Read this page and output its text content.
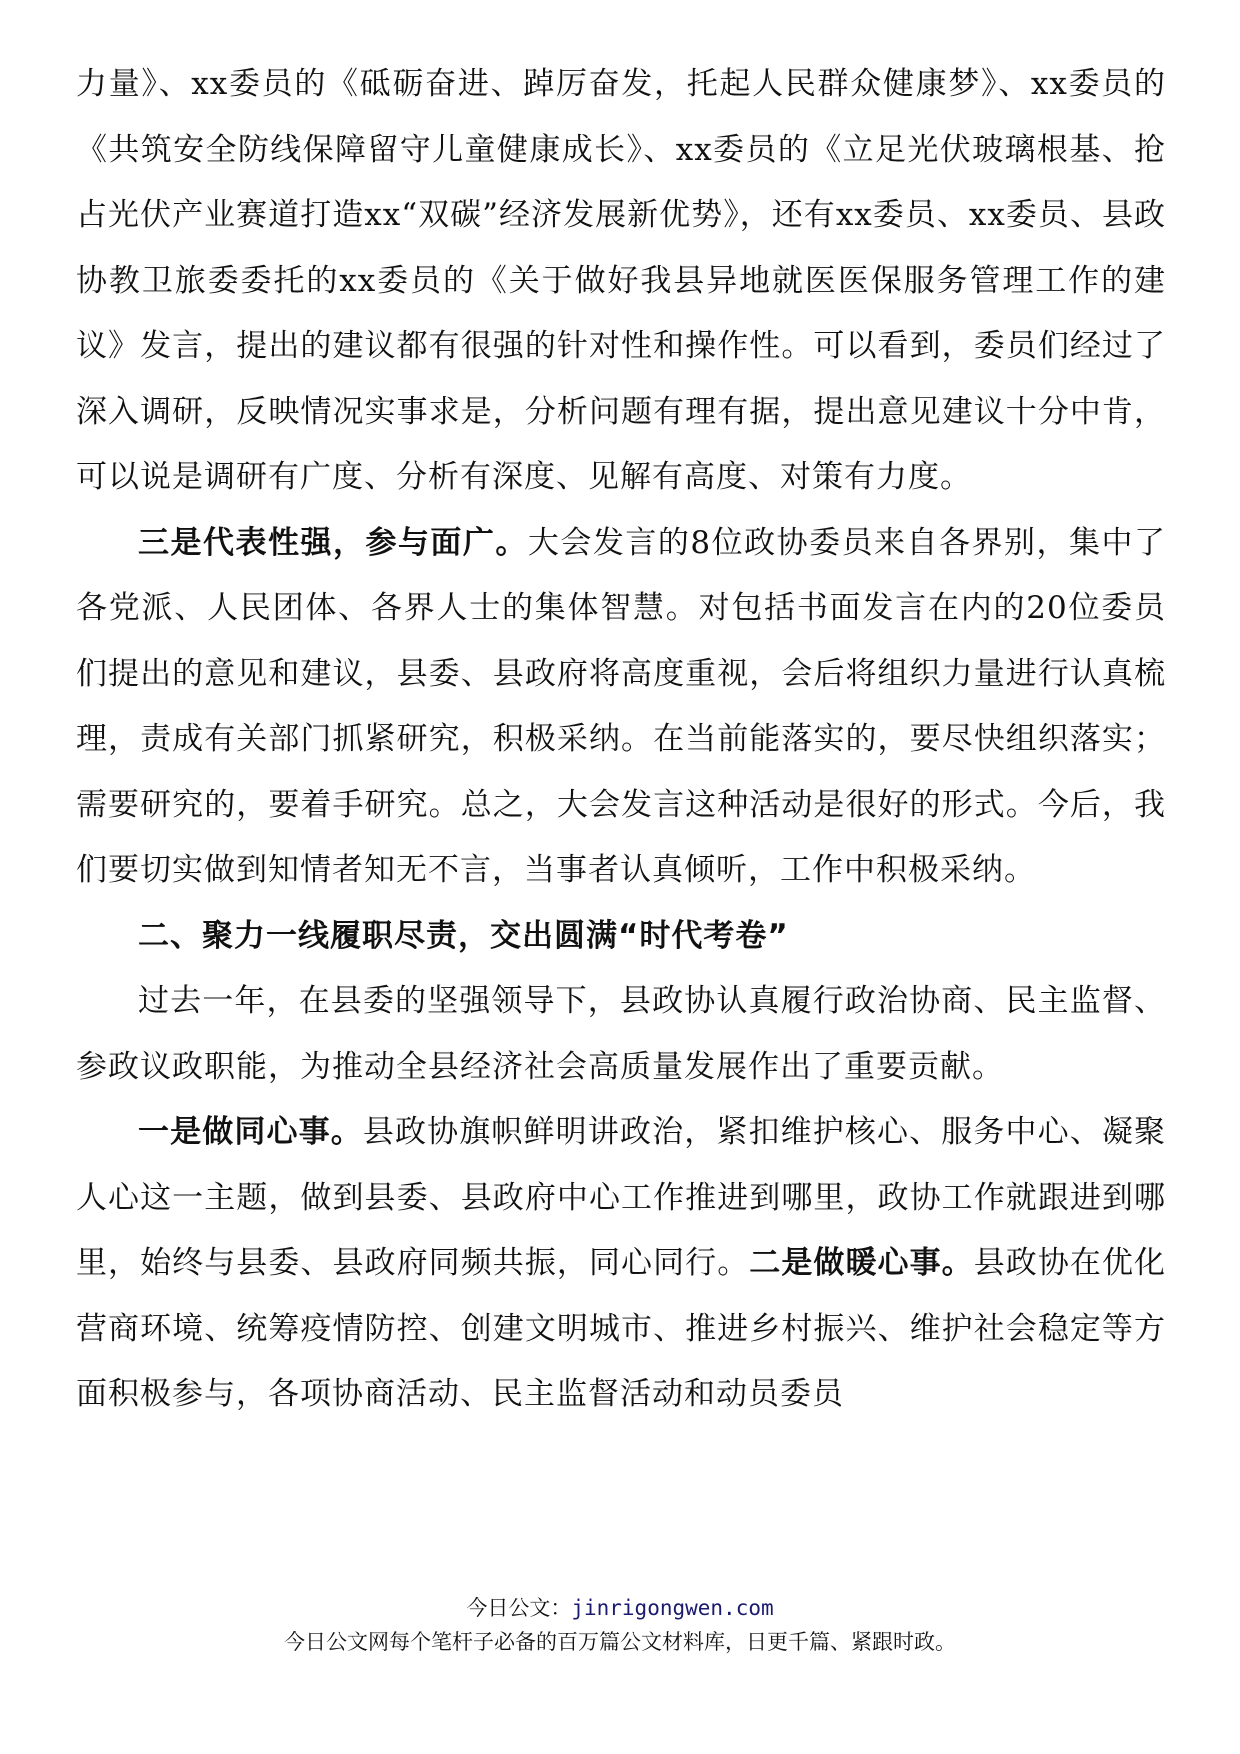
力量》、xx委员的《砥砺奋进、踔厉奋发，托起人民群众健康梦》、xx委员的《共筑安全防线保障留守儿童健康成长》、xx委员的《立足光伏玻璃根基、抢占光伏产业赛道打造xx“双碳”经济发展新优势》，还有xx委员、xx委员、县政协教卫旅委委托的xx委员的《关于做好我县异地就医医保服务管理工作的建议》发言，提出的建议都有很强的针对性和操作性。可以看到，委员们经过了深入调研，反映情况实事求是，分析问题有理有据，提出意见建议十分中肯，可以说是调研有广度、分析有深度、见解有高度、对策有力度。

三是代表性强，参与面广。大会发言的8位政协委员来自各界别，集中了各党派、人民团体、各界人士的集体智慧。对包括书面发言在内的20位委员们提出的意见和建议，县委、县政府将高度重视，会后将组织力量进行认真梳理，责成有关部门抓紧研究，积极采纳。在当前能落实的，要尽快组织落实；需要研究的，要着手研究。总之，大会发言这种活动是很好的形式。今后，我们要切实做到知情者知无不言，当事者认真倾听，工作中积极采纳。

二、聚力一线履职尽责，交出圆满“时代考卷”

过去一年，在县委的坚强领导下，县政协认真履行政治协商、民主监督、参政议政职能，为推动全县经济社会高质量发展作出了重要贡献。

一是做同心事。县政协旗帜鲜明讲政治，紧扣维护核心、服务中心、凝聚人心这一主题，做到县委、县政府中心工作推进到哪里，政协工作就跟进到哪里，始终与县委、县政府同频共振，同心同行。二是做暖心事。县政协在优化营商环境、统筹疫情防控、创建文明城市、推进乡村振兴、维护社会稳定等方面积极参与，各项协商活动、民主监督活动和动员委员

今日公文：jinrigongwen.com
今日公文网每个笔杆子必备的百万篇公文材料库，日更千篇、紧跟时政。
